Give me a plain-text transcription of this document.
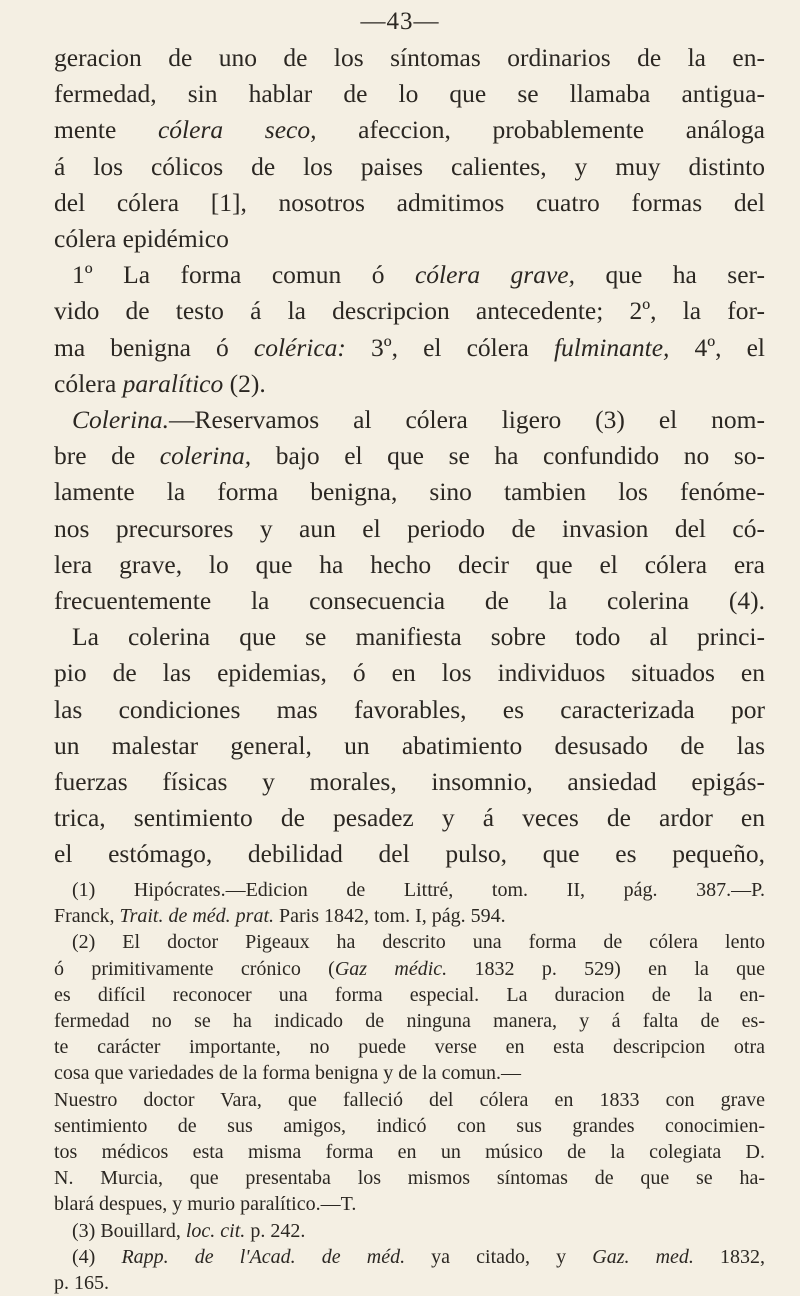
—43—
geracion de uno de los síntomas ordinarios de la en-
fermedad, sin hablar de lo que se llamaba antigua-
mente cólera seco, afeccion, probablemente análoga
á los cólicos de los paises calientes, y muy distinto
del cólera [1], nosotros admitimos cuatro formas del
cólera epidémico
1º La forma comun ó cólera grave, que ha ser-
vido de testo á la descripcion antecedente; 2º, la for-
ma benigna ó colérica: 3º, el cólera fulminante, 4º, el
cólera paralítico (2).
Colerina.—Reservamos al cólera ligero (3) el nom-
bre de colerina, bajo el que se ha confundido no so-
lamente la forma benigna, sino tambien los fenóme-
nos precursores y aun el periodo de invasion del có-
lera grave, lo que ha hecho decir que el cólera era
frecuentemente la consecuencia de la colerina (4).
La colerina que se manifiesta sobre todo al princi-
pio de las epidemias, ó en los individuos situados en
las condiciones mas favorables, es caracterizada por
un malestar general, un abatimiento desusado de las
fuerzas físicas y morales, insomnio, ansiedad epigás-
trica, sentimiento de pesadez y á veces de ardor en
el estómago, debilidad del pulso, que es pequeño,
(1) Hipócrates.—Edicion de Littré, tom. II, pág. 387.—P.
Franck, Trait. de méd. prat. Paris 1842, tom. I, pág. 594.
(2) El doctor Pigeaux ha descrito una forma de cólera lento
ó primitivamente crónico (Gaz médic. 1832 p. 529) en la que
es difícil reconocer una forma especial. La duracion de la en-
fermedad no se ha indicado de ninguna manera, y á falta de es-
te carácter importante, no puede verse en esta descripcion otra
cosa que variedades de la forma benigna y de la comun.—
Nuestro doctor Vara, que falleció del cólera en 1833 con grave
sentimiento de sus amigos, indicó con sus grandes conocimien-
tos médicos esta misma forma en un músico de la colegiata D.
N. Murcia, que presentaba los mismos síntomas de que se ha-
blará despues, y murio paralítico.—T.
(3) Bouillard, loc. cit. p. 242.
(4) Rapp. de l'Acad. de méd. ya citado, y Gaz. med. 1832,
p. 165.
